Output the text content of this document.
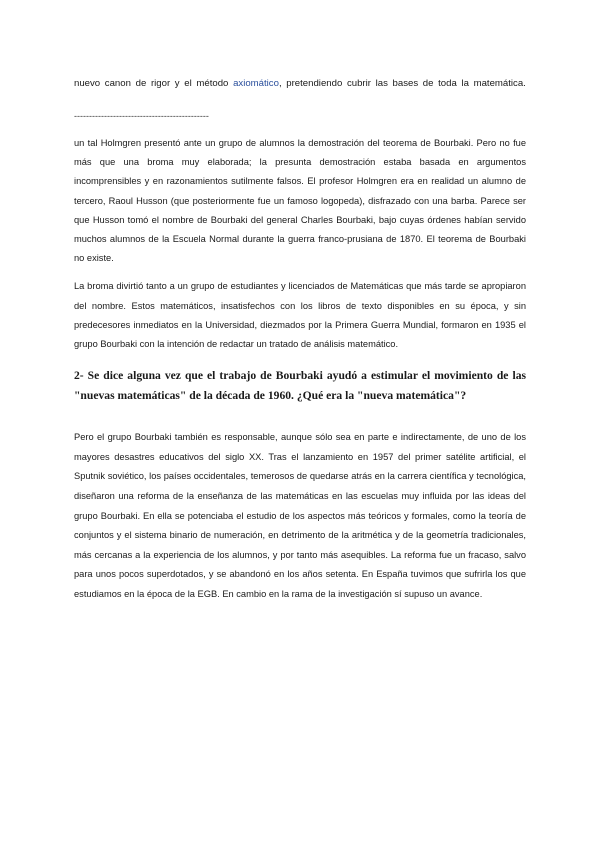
nuevo canon de rigor y el método axiomático, pretendiendo cubrir las bases de toda la matemática.

---------------------------------------------

un tal Holmgren presentó ante un grupo de alumnos la demostración del teorema de Bourbaki. Pero no fue más que una broma muy elaborada; la presunta demostración estaba basada en argumentos incomprensibles y en razonamientos sutilmente falsos. El profesor Holmgren era en realidad un alumno de tercero, Raoul Husson (que posteriormente fue un famoso logopeda), disfrazado con una barba. Parece ser que Husson tomó el nombre de Bourbaki del general Charles Bourbaki, bajo cuyas órdenes habían servido muchos alumnos de la Escuela Normal durante la guerra franco-prusiana de 1870. El teorema de Bourbaki no existe.

La broma divirtió tanto a un grupo de estudiantes y licenciados de Matemáticas que más tarde se apropiaron del nombre. Estos matemáticos, insatisfechos con los libros de texto disponibles en su época, y sin predecesores inmediatos en la Universidad, diezmados por la Primera Guerra Mundial, formaron en 1935 el grupo Bourbaki con la intención de redactar un tratado de análisis matemático.

2- Se dice alguna vez que el trabajo de Bourbaki ayudó a estimular el movimiento de las "nuevas matemáticas" de la década de 1960. ¿Qué era la "nueva matemática"?

Pero el grupo Bourbaki también es responsable, aunque sólo sea en parte e indirectamente, de uno de los mayores desastres educativos del siglo XX. Tras el lanzamiento en 1957 del primer satélite artificial, el Sputnik soviético, los países occidentales, temerosos de quedarse atrás en la carrera científica y tecnológica, diseñaron una reforma de la enseñanza de las matemáticas en las escuelas muy influida por las ideas del grupo Bourbaki. En ella se potenciaba el estudio de los aspectos más teóricos y formales, como la teoría de conjuntos y el sistema binario de numeración, en detrimento de la aritmética y de la geometría tradicionales, más cercanas a la experiencia de los alumnos, y por tanto más asequibles. La reforma fue un fracaso, salvo para unos pocos superdotados, y se abandonó en los años setenta. En España tuvimos que sufrirla los que estudiamos en la época de la EGB. En cambio en la rama de la investigación sí supuso un avance.
